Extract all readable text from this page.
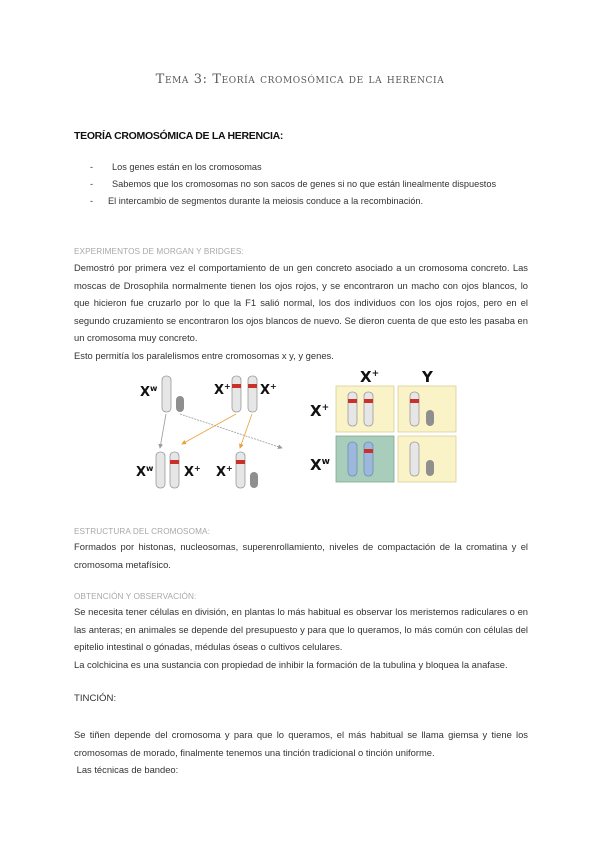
Tema 3: Teoría cromosómica de la herencia
TEORÍA CROMOSÓMICA DE LA HERENCIA:
-	Los genes están en los cromosomas
-	Sabemos que los cromosomas no son sacos de genes si no que están linealmente dispuestos
-	El intercambio de segmentos durante la meiosis conduce a la recombinación.
EXPERIMENTOS DE MORGAN Y BRIDGES:

Demostró por primera vez el comportamiento de un gen concreto asociado a un cromosoma concreto. Las moscas de Drosophila normalmente tienen los ojos rojos, y se encontraron un macho con ojos blancos, lo que hicieron fue cruzarlo por lo que la F1 salió normal, los dos individuos con los ojos rojos, pero en el segundo cruzamiento se encontraron los ojos blancos de nuevo. Se dieron cuenta de que esto les pasaba en un cromosoma muy concreto.

Esto permitía los paralelismos entre cromosomas x y, y genes.

$X^w$	X+ X+
$X^w$ X+ X+
X+	Y
X+
$X^w$
ESTRUCTURA DEL CROMOSOMA:

Formados por histonas, nucleosomas, superenrollamiento, niveles de compactación de la cromatina y el cromosoma metafísico.

OBTENCIÓN Y OBSERVACIÓN:

Se necesita tener células en división, en plantas lo más habitual es observar los meristemos radiculares o en las anteras; en animales se depende del presupuesto y para que lo queramos, lo más común con células del epitelio intestinal o gónadas, médulas óseas o cultivos celulares.

La colchicina es una sustancia con propiedad de inhibir la formación de la tubulina y bloquea la anafase.

TINCIÓN:

Se tiñen depende del cromosoma y para que lo queramos, el más habitual se llama giemsa y tiene los cromosomas de morado, finalmente tenemos una tinción tradicional o tinción uniforme.

Las técnicas de bandeo:
